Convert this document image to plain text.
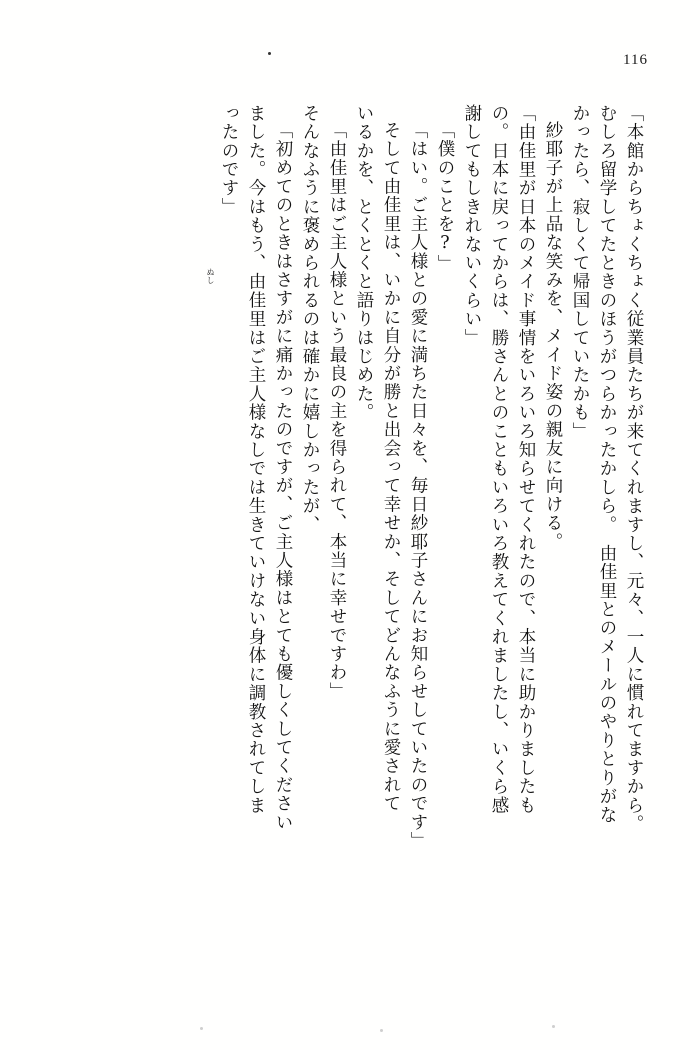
116
「本館からちょくちょく従業員たちが来てくれますし、元々、一人に慣れてますから。
むしろ留学してたときのほうがつらかったかしら。　由佳里とのメールのやりとりがな
かったら、寂しくて帰国していたかも」
紗耶子が上品な笑みを、メイド姿の親友に向ける。
「由佳里が日本のメイド事情をいろいろ知らせてくれたので、本当に助かりましたも
の。日本に戻ってからは、勝さんとのこともいろいろ教えてくれましたし、いくら感
謝してもしきれないくらい」
「僕のことを?」
「はい。ご主人様との愛に満ちた日々を、毎日紗耶子さんにお知らせしていたのです」
そして由佳里は、いかに自分が勝と出会って幸せか、そしてどんなふうに愛されて
いるかを、とくとくと語りはじめた。
「由佳里はご主人様という最良の主を得られて、本当に幸せですわ」
そんなふうに褒められるのは確かに嬉しかったが、
「初めてのときはさすがに痛かったのですが、ご主人様はとても優しくしてください
ました。今はもう、由佳里はご主人様なしでは生きていけない身体に調教されてしま
ったのです」
ぬし
